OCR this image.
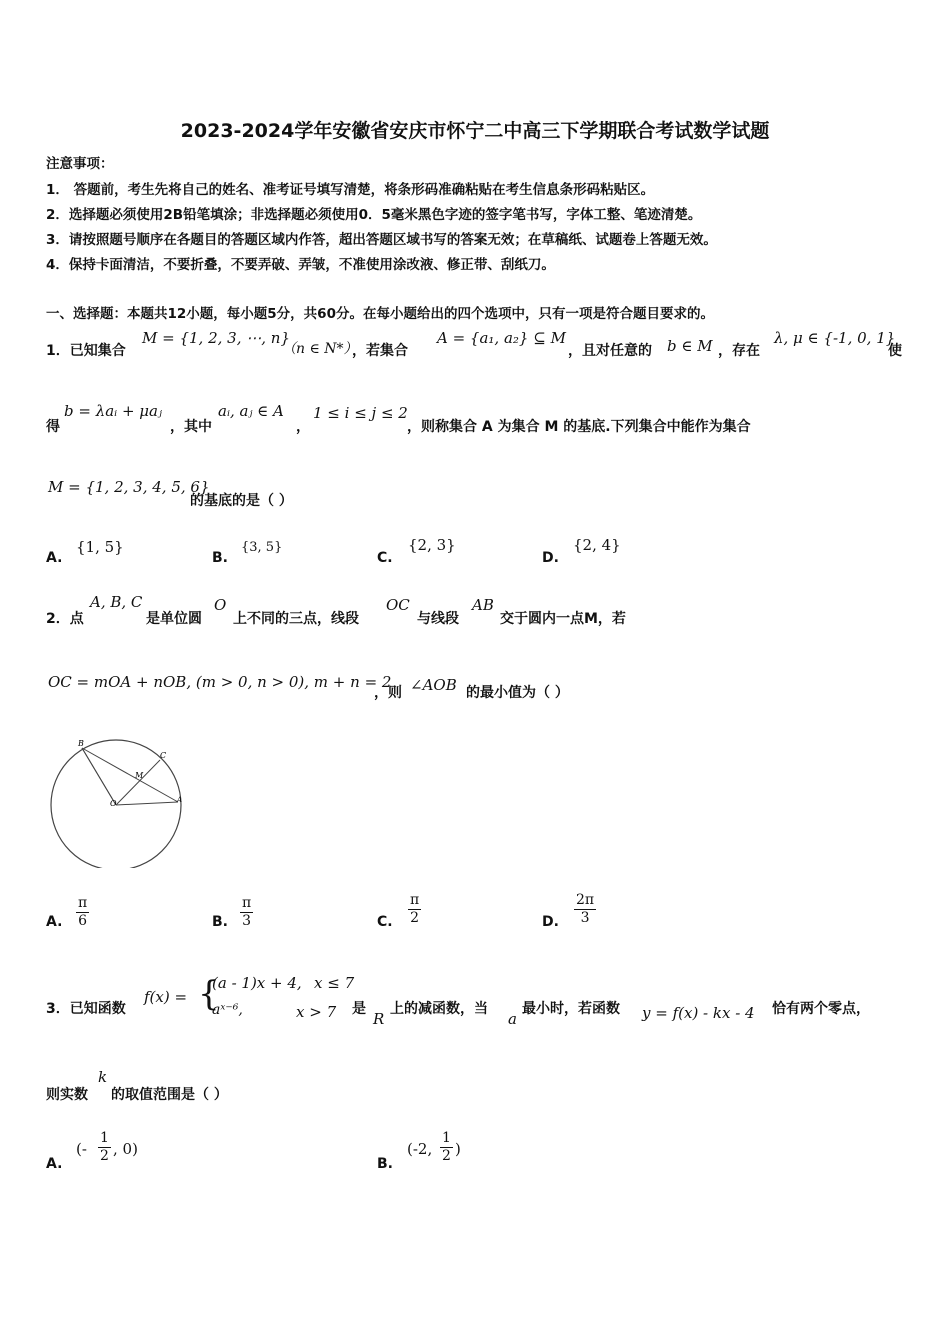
2023-2024学年安徽省安庆市怀宁二中高三下学期联合考试数学试题
注意事项：
1． 答题前，考生先将自己的姓名、准考证号填写清楚，将条形码准确粘贴在考生信息条形码粘贴区。
2．选择题必须使用2B铅笔填涂；非选择题必须使用0．5毫米黑色字迹的签字笔书写，字体工整、笔迹清楚。
3．请按照题号顺序在各题目的答题区域内作答，超出答题区域书写的答案无效；在草稿纸、试题卷上答题无效。
4．保持卡面清洁，不要折叠，不要弄破、弄皱，不准使用涂改液、修正带、刮纸刀。
一、选择题：本题共12小题，每小题5分，共60分。在每小题给出的四个选项中，只有一项是符合题目要求的。
1．已知集合
M = {1, 2, 3, ⋯, n}
（n ∈ N*）
，若集合
A = {a₁, a₂} ⊆ M
，且对任意的 b ∈ M ，存在
λ, μ ∈ {-1, 0, 1}
使
得
b = λaᵢ + μaⱼ
，其中
aᵢ, aⱼ ∈ A
，
1 ≤ i ≤ j ≤ 2
，则称集合 A 为集合 M 的基底.下列集合中能作为集合
M = {1, 2, 3, 4, 5, 6}
的基底的是（ ）
A.
{1, 5}
B.
{3, 5}
C.
{2, 3}
D.
{2, 4}
2．点
A, B, C
是单位圆
O
上不同的三点，线段
OC
与线段
AB
交于圆内一点M，若
OC = mOA + nOB, (m > 0, n > 0), m + n = 2
，则 ∠AOB 的最小值为（ ）
B
C
M
O	A
A. $\frac{\pi}{6}$	B. $\frac{\pi}{3}$	C. $\frac{\pi}{2}$	D. $\frac{2\pi}{3}$
3．已知函数
f(x) = {
(a - 1)x + 4, x ≤ 7
aˣ⁻⁶,	x > 7 是
R
上的减函数，当
a
最小时，若函数 y = f(x) - kx - 4 恰有两个零点，
则实数
k
的取值范围是（ ）
A.
(- $\frac{1}{2}$ , 0)
B.
(-2, $\frac{1}{2}$ )
